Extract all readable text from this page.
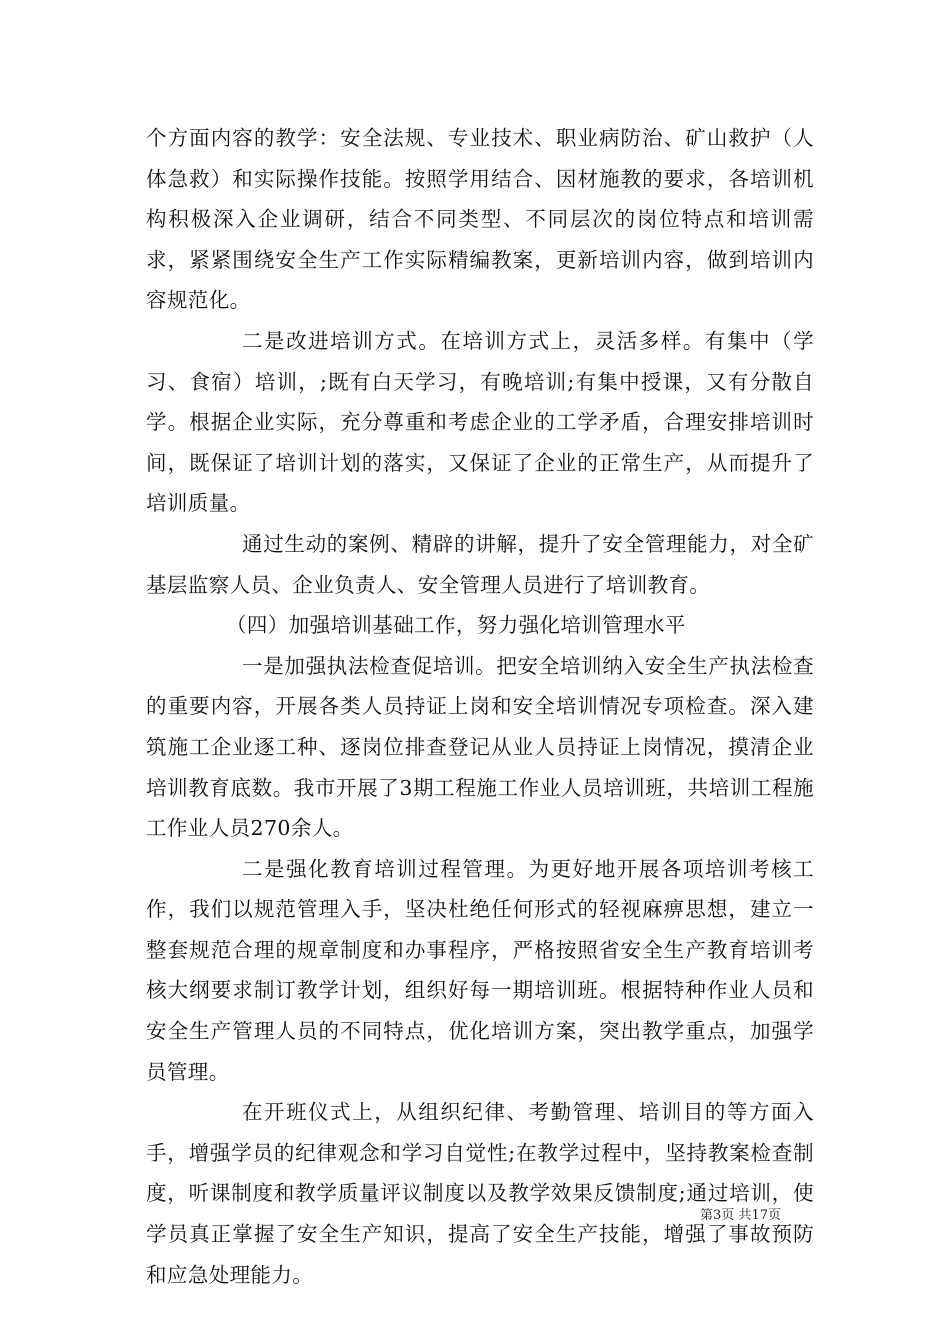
个方面内容的教学：安全法规、专业技术、职业病防治、矿山救护（人体急救）和实际操作技能。按照学用结合、因材施教的要求，各培训机构积极深入企业调研，结合不同类型、不同层次的岗位特点和培训需求，紧紧围绕安全生产工作实际精编教案，更新培训内容，做到培训内容规范化。

二是改进培训方式。在培训方式上，灵活多样。有集中（学习、食宿）培训，;既有白天学习，有晚培训;有集中授课，又有分散自学。根据企业实际，充分尊重和考虑企业的工学矛盾，合理安排培训时间，既保证了培训计划的落实，又保证了企业的正常生产，从而提升了培训质量。

通过生动的案例、精辟的讲解，提升了安全管理能力，对全矿基层监察人员、企业负责人、安全管理人员进行了培训教育。

（四）加强培训基础工作，努力强化培训管理水平

一是加强执法检查促培训。把安全培训纳入安全生产执法检查的重要内容，开展各类人员持证上岗和安全培训情况专项检查。深入建筑施工企业逐工种、逐岗位排查登记从业人员持证上岗情况，摸清企业培训教育底数。我市开展了3期工程施工作业人员培训班，共培训工程施工作业人员270余人。

二是强化教育培训过程管理。为更好地开展各项培训考核工作，我们以规范管理入手，坚决杜绝任何形式的轻视麻痹思想，建立一整套规范合理的规章制度和办事程序，严格按照省安全生产教育培训考核大纲要求制订教学计划，组织好每一期培训班。根据特种作业人员和安全生产管理人员的不同特点，优化培训方案，突出教学重点，加强学员管理。

在开班仪式上，从组织纪律、考勤管理、培训目的等方面入手，增强学员的纪律观念和学习自觉性;在教学过程中，坚持教案检查制度，听课制度和教学质量评议制度以及教学效果反馈制度;通过培训，使学员真正掌握了安全生产知识，提高了安全生产技能，增强了事故预防和应急处理能力。

第3页 共17页
